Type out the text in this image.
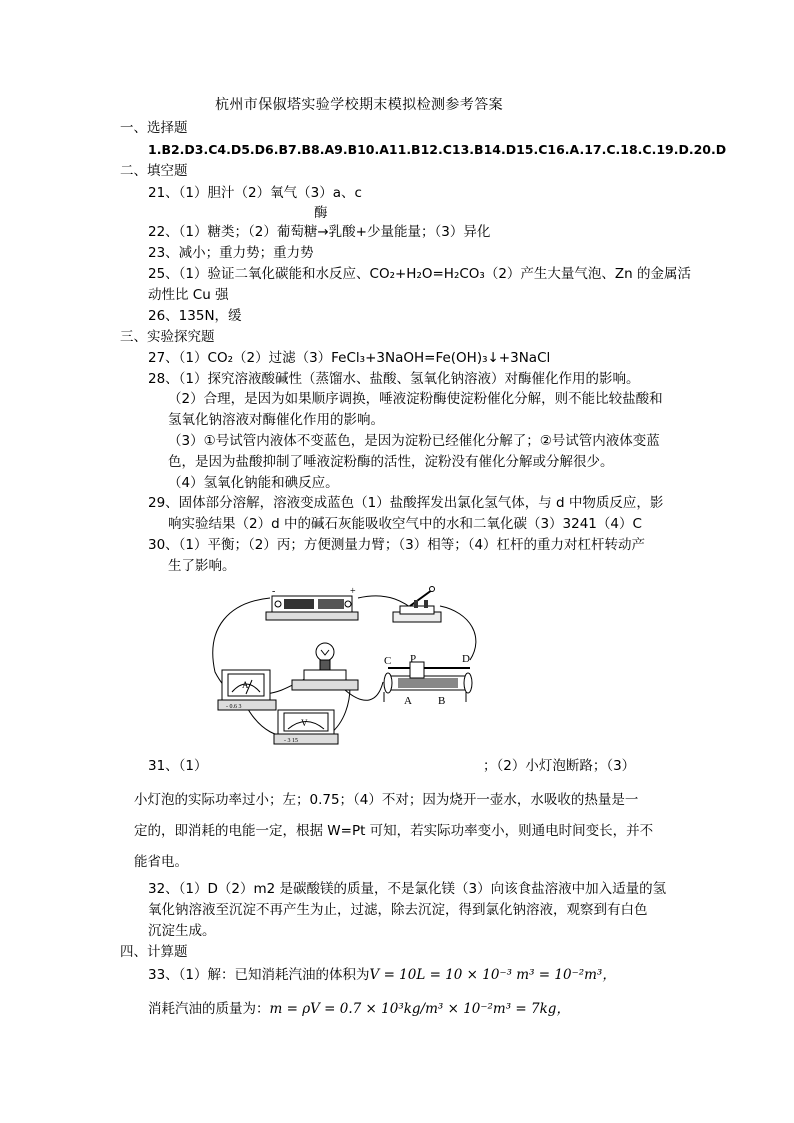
杭州市保俶塔实验学校期末模拟检测参考答案
一、选择题
1.B2.D3.C4.D5.D6.B7.B8.A9.B10.A11.B12.C13.B14.D15.C16.A.17.C.18.C.19.D.20.D
二、填空题
21、（1）胆汁（2）氧气（3）a、c
酶
22、（1）糖类；（2）葡萄糖→乳酸+少量能量；（3）异化
23、减小；重力势；重力势
25、（1）验证二氧化碳能和水反应、CO₂+H₂O=H₂CO₃（2）产生大量气泡、Zn 的金属活
动性比 Cu 强
26、135N，缓
三、实验探究题
27、（1）CO₂（2）过滤（3）FeCl₃+3NaOH=Fe(OH)₃↓+3NaCl
28、（1）探究溶液酸碱性（蒸馏水、盐酸、氢氧化钠溶液）对酶催化作用的影响。
（2）合理，是因为如果顺序调换，唾液淀粉酶使淀粉催化分解，则不能比较盐酸和
氢氧化钠溶液对酶催化作用的影响。
（3）①号试管内液体不变蓝色，是因为淀粉已经催化分解了；②号试管内液体变蓝
色，是因为盐酸抑制了唾液淀粉酶的活性，淀粉没有催化分解或分解很少。
（4）氢氧化钠能和碘反应。
29、固体部分溶解，溶液变成蓝色（1）盐酸挥发出氯化氢气体，与 d 中物质反应，影
响实验结果（2）d 中的碱石灰能吸收空气中的水和二氧化碳（3）3241（4）C
30、（1）平衡；（2）丙；方便测量力臂；（3）相等；（4）杠杆的重力对杠杆转动产
生了影响。
-	+
A
- 0.6 3
V
- 3 15
C P	D
A B
31、（1）	；（2）小灯泡断路；（3）
小灯泡的实际功率过小；左；0.75；（4）不对；因为烧开一壶水，水吸收的热量是一
定的，即消耗的电能一定，根据 W=Pt 可知，若实际功率变小，则通电时间变长，并不
能省电。
32、（1）D（2）m2 是碳酸镁的质量，不是氯化镁（3）向该食盐溶液中加入适量的氢
氧化钠溶液至沉淀不再产生为止，过滤，除去沉淀，得到氯化钠溶液，观察到有白色
沉淀生成。
四、计算题
33、（1）解：已知消耗汽油的体积为V = 10L = 10 × 10⁻³ m³ = 10⁻²m³，
消耗汽油的质量为：m = ρV = 0.7 × 10³kg/m³ × 10⁻²m³ = 7kg，
